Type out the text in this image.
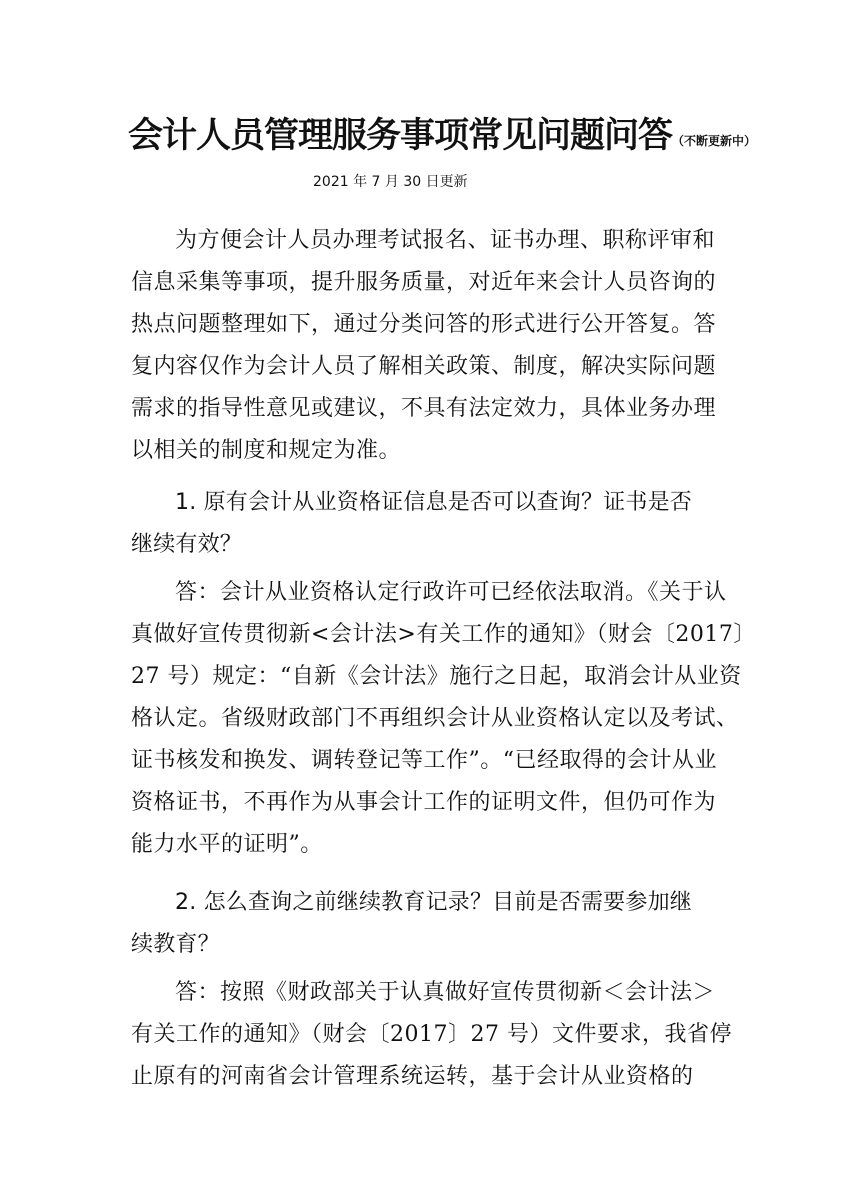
会计人员管理服务事项常见问题问答（不断更新中）
2021 年 7 月 30 日更新
为方便会计人员办理考试报名、证书办理、职称评审和
信息采集等事项，提升服务质量，对近年来会计人员咨询的
热点问题整理如下，通过分类问答的形式进行公开答复。答
复内容仅作为会计人员了解相关政策、制度，解决实际问题
需求的指导性意见或建议，不具有法定效力，具体业务办理
以相关的制度和规定为准。
1. 原有会计从业资格证信息是否可以查询？证书是否
继续有效？
答：会计从业资格认定行政许可已经依法取消。《关于认
真做好宣传贯彻新<会计法>有关工作的通知》（财会〔2017〕
27 号）规定：“自新《会计法》施行之日起，取消会计从业资
格认定。省级财政部门不再组织会计从业资格认定以及考试、
证书核发和换发、调转登记等工作”。“已经取得的会计从业
资格证书，不再作为从事会计工作的证明文件，但仍可作为
能力水平的证明”。
2. 怎么查询之前继续教育记录？目前是否需要参加继
续教育？
答：按照《财政部关于认真做好宣传贯彻新＜会计法＞
有关工作的通知》（财会〔2017〕27 号）文件要求，我省停
止原有的河南省会计管理系统运转，基于会计从业资格的
